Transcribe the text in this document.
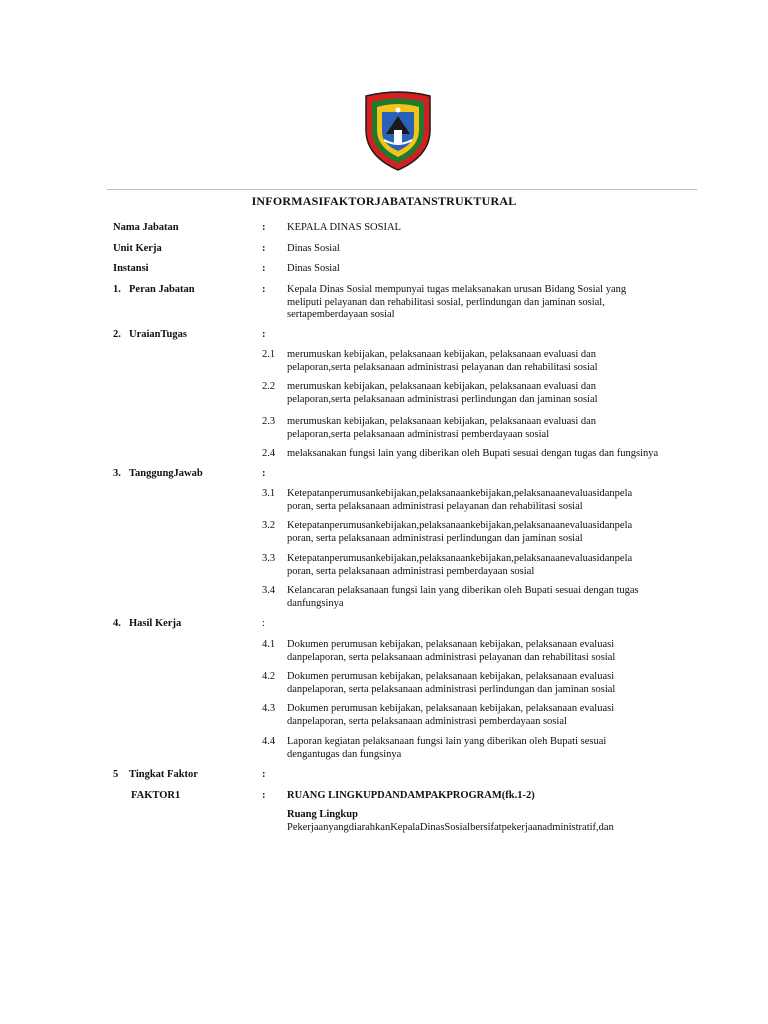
INFORMASIFAKTORJABATANSTRUKTURAL
Nama Jabatan	: KEPALA DINAS SOSIAL
Unit Kerja	: Dinas Sosial
Instansi	: Dinas Sosial
1. Peran Jabatan	: Kepala Dinas Sosial mempunyai tugas melaksanakan urusan Bidang Sosial yang
meliputi pelayanan dan rehabilitasi sosial, perlindungan dan jaminan sosial,
sertapemberdayaan sosial
2. UraianTugas	:
2.1 merumuskan kebijakan, pelaksanaan kebijakan, pelaksanaan evaluasi dan
pelaporan,serta pelaksanaan administrasi pelayanan dan rehabilitasi sosial
2.2 merumuskan kebijakan, pelaksanaan kebijakan, pelaksanaan evaluasi dan
pelaporan,serta pelaksanaan administrasi perlindungan dan jaminan sosial
2.3 merumuskan kebijakan, pelaksanaan kebijakan, pelaksanaan evaluasi dan
pelaporan,serta pelaksanaan administrasi pemberdayaan sosial
2.4 melaksanakan fungsi lain yang diberikan oleh Bupati sesuai dengan tugas dan fungsinya
3. TanggungJawab	:
3.1 Ketepatanperumusankebijakan,pelaksanaankebijakan,pelaksanaanevaluasidanpela
poran, serta pelaksanaan administrasi pelayanan dan rehabilitasi sosial
3.2 Ketepatanperumusankebijakan,pelaksanaankebijakan,pelaksanaanevaluasidanpela
poran, serta pelaksanaan administrasi perlindungan dan jaminan sosial
3.3 Ketepatanperumusankebijakan,pelaksanaankebijakan,pelaksanaanevaluasidanpela
poran, serta pelaksanaan administrasi pemberdayaan sosial
3.4 Kelancaran pelaksanaan fungsi lain yang diberikan oleh Bupati sesuai dengan tugas
danfungsinya
4. Hasil Kerja	:
4.1 Dokumen perumusan kebijakan, pelaksanaan kebijakan, pelaksanaan evaluasi
danpelaporan, serta pelaksanaan administrasi pelayanan dan rehabilitasi sosial
4.2 Dokumen perumusan kebijakan, pelaksanaan kebijakan, pelaksanaan evaluasi
danpelaporan, serta pelaksanaan administrasi perlindungan dan jaminan sosial
4.3 Dokumen perumusan kebijakan, pelaksanaan kebijakan, pelaksanaan evaluasi
danpelaporan, serta pelaksanaan administrasi pemberdayaan sosial
4.4 Laporan kegiatan pelaksanaan fungsi lain yang diberikan oleh Bupati sesuai
dengantugas dan fungsinya
5	Tingkat Faktor	:
FAKTOR1	: RUANG LINGKUPDANDAMPAKPROGRAM(fk.1-2)
Ruang Lingkup
PekerjaanyangdiarahkanKepalaDinasSosialbersifatpekerjaanadministratif,dan
